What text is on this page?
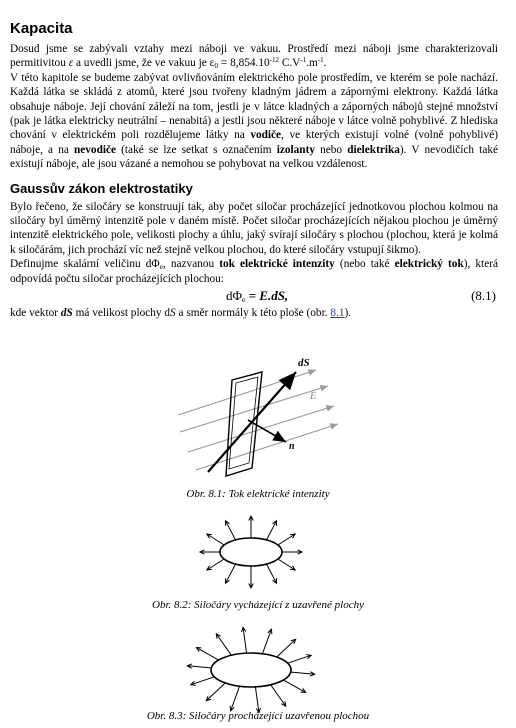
Kapacita

Dosud jsme se zabývali vztahy mezi náboji ve vakuu. Prostředí mezi náboji jsme charakterizovali permitivitou ε a uvedli jsme, že ve vakuu je $\varepsilon_0 = 8,854.10^{-12}$ $C.V^{-1}.m^{-1}$.

V této kapitole se budeme zabývat ovlivňováním elektrického pole prostředím, ve kterém se pole nachází. Každá látka se skládá z atomů, které jsou tvořeny kladným jádrem a zápornými elektrony. Každá látka obsahuje náboje. Její chování záleží na tom, jestli je v látce kladných a záporných nábojů stejné množství (pak je látka elektricky neutrální – nenabitá) a jestli jsou některé náboje v látce volně pohyblivé. Z hlediska chování v elektrickém poli rozdělujeme látky na vodiče, ve kterých existují volné (volně pohyblivé) náboje, a na nevodiče (také se lze setkat s označením izolanty nebo dielektrika). V nevodičích také existují náboje, ale jsou vázané a nemohou se pohybovat na velkou vzdálenost.

Gaussův zákon elektrostatiky

Bylo řečeno, že siločáry se konstruují tak, aby počet siločar procházející jednotkovou plochou kolmou na siločáry byl úměrný intenzitě pole v daném místě. Počet siločar procházejících nějakou plochou je úměrný intenzitě elektrického pole, velikosti plochy a úhlu, jaký svírají siločáry s plochou (plochou, která je kolmá k siločárám, jich prochází víc než stejně velkou plochou, do které siločáry vstupují šikmo).

Definujme skalární veličinu $d\Phi_e$, nazvanou tok elektrické intenzity (nebo také elektrický tok), která odpovídá počtu siločar procházejících plochou:

$d\Phi_e = E.dS$,	(8.1)

kde vektor dS má velikost plochy dS a směr normály k této ploše (obr. 8.1).

dS
E
n
Obr. 8.1: Tok elektrické intenzity
Obr. 8.2: Siločáry vycházející z uzavřené plochy
Obr. 8.3: Siločáry procházející uzavřenou plochou
